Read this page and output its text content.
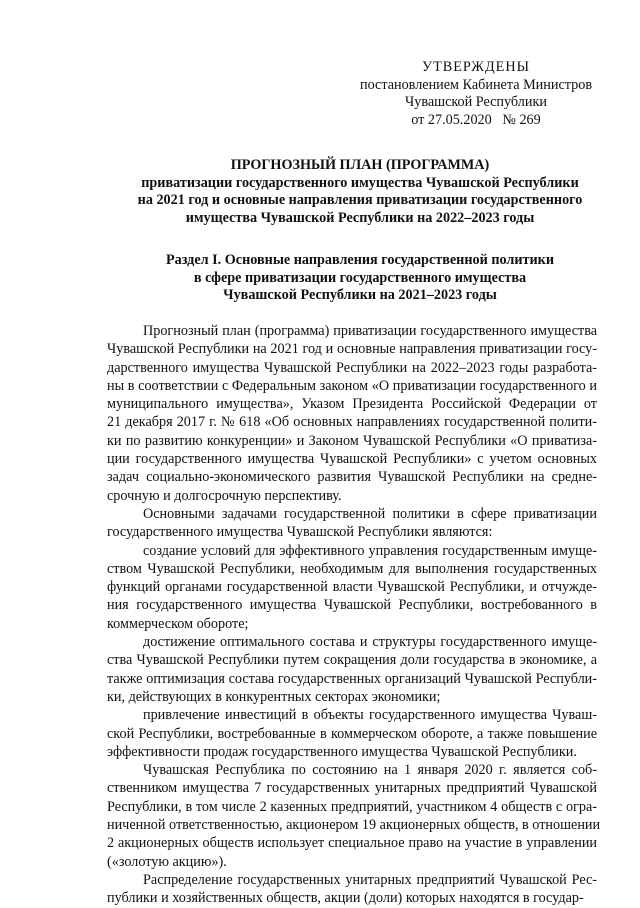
УТВЕРЖДЕНЫ
постановлением Кабинета Министров
Чувашской Республики
от 27.05.2020   № 269
ПРОГНОЗНЫЙ ПЛАН (ПРОГРАММА)
приватизации государственного имущества Чувашской Республики
на 2021 год и основные направления приватизации государственного
имущества Чувашской Республики на 2022–2023 годы
Раздел I. Основные направления государственной политики
в сфере приватизации государственного имущества
Чувашской Республики на 2021–2023 годы
Прогнозный план (программа) приватизации государственного имущества
Чувашской Республики на 2021 год и основные направления приватизации госу-
дарственного имущества Чувашской Республики на 2022–2023 годы разработа-
ны в соответствии с Федеральным законом «О приватизации государственного и
муниципального имущества», Указом Президента Российской Федерации от
21 декабря 2017 г. № 618 «Об основных направлениях государственной полити-
ки по развитию конкуренции» и Законом Чувашской Республики «О приватиза-
ции государственного имущества Чувашской Республики» с учетом основных
задач социально-экономического развития Чувашской Республики на средне-
срочную и долгосрочную перспективу.
Основными задачами государственной политики в сфере приватизации
государственного имущества Чувашской Республики являются:
создание условий для эффективного управления государственным имуще-
ством Чувашской Республики, необходимым для выполнения государственных
функций органами государственной власти Чувашской Республики, и отчужде-
ния государственного имущества Чувашской Республики, востребованного в
коммерческом обороте;
достижение оптимального состава и структуры государственного имуще-
ства Чувашской Республики путем сокращения доли государства в экономике, а
также оптимизация состава государственных организаций Чувашской Республи-
ки, действующих в конкурентных секторах экономики;
привлечение инвестиций в объекты государственного имущества Чуваш-
ской Республики, востребованные в коммерческом обороте, а также повышение
эффективности продаж государственного имущества Чувашской Республики.
Чувашская Республика по состоянию на 1 января 2020 г. является соб-
ственником имущества 7 государственных унитарных предприятий Чувашской
Республики, в том числе 2 казенных предприятий, участником 4 обществ с огра-
ниченной ответственностью, акционером 19 акционерных обществ, в отношении
2 акционерных обществ использует специальное право на участие в управлении
(«золотую акцию»).
Распределение государственных унитарных предприятий Чувашской Рес-
публики и хозяйственных обществ, акции (доли) которых находятся в государ-
